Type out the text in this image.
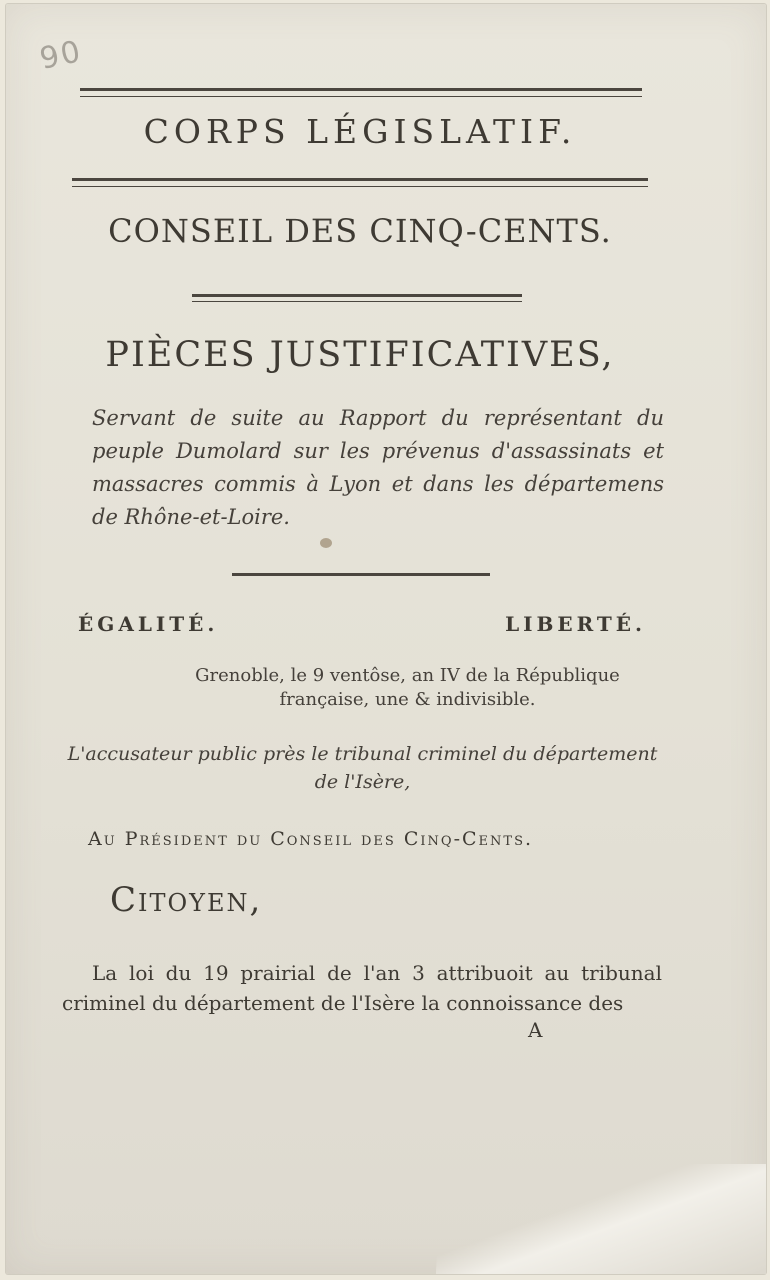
90
CORPS LÉGISLATIF.
CONSEIL DES CINQ-CENTS.
PIÈCES JUSTIFICATIVES,
Servant de suite au Rapport du représentant du peuple Dumolard sur les prévenus d'assassinats et massacres commis à Lyon et dans les départemens de Rhône-et-Loire.
ÉGALITÉ.	LIBERTÉ.
Grenoble, le 9 ventôse, an IV de la République française, une & indivisible.
L'accusateur public près le tribunal criminel du département de l'Isère,
Au Président du Conseil des Cinq-Cents.
Citoyen,
La loi du 19 prairial de l'an 3 attribuoit au tribunal criminel du département de l'Isère la connoissance des
A
